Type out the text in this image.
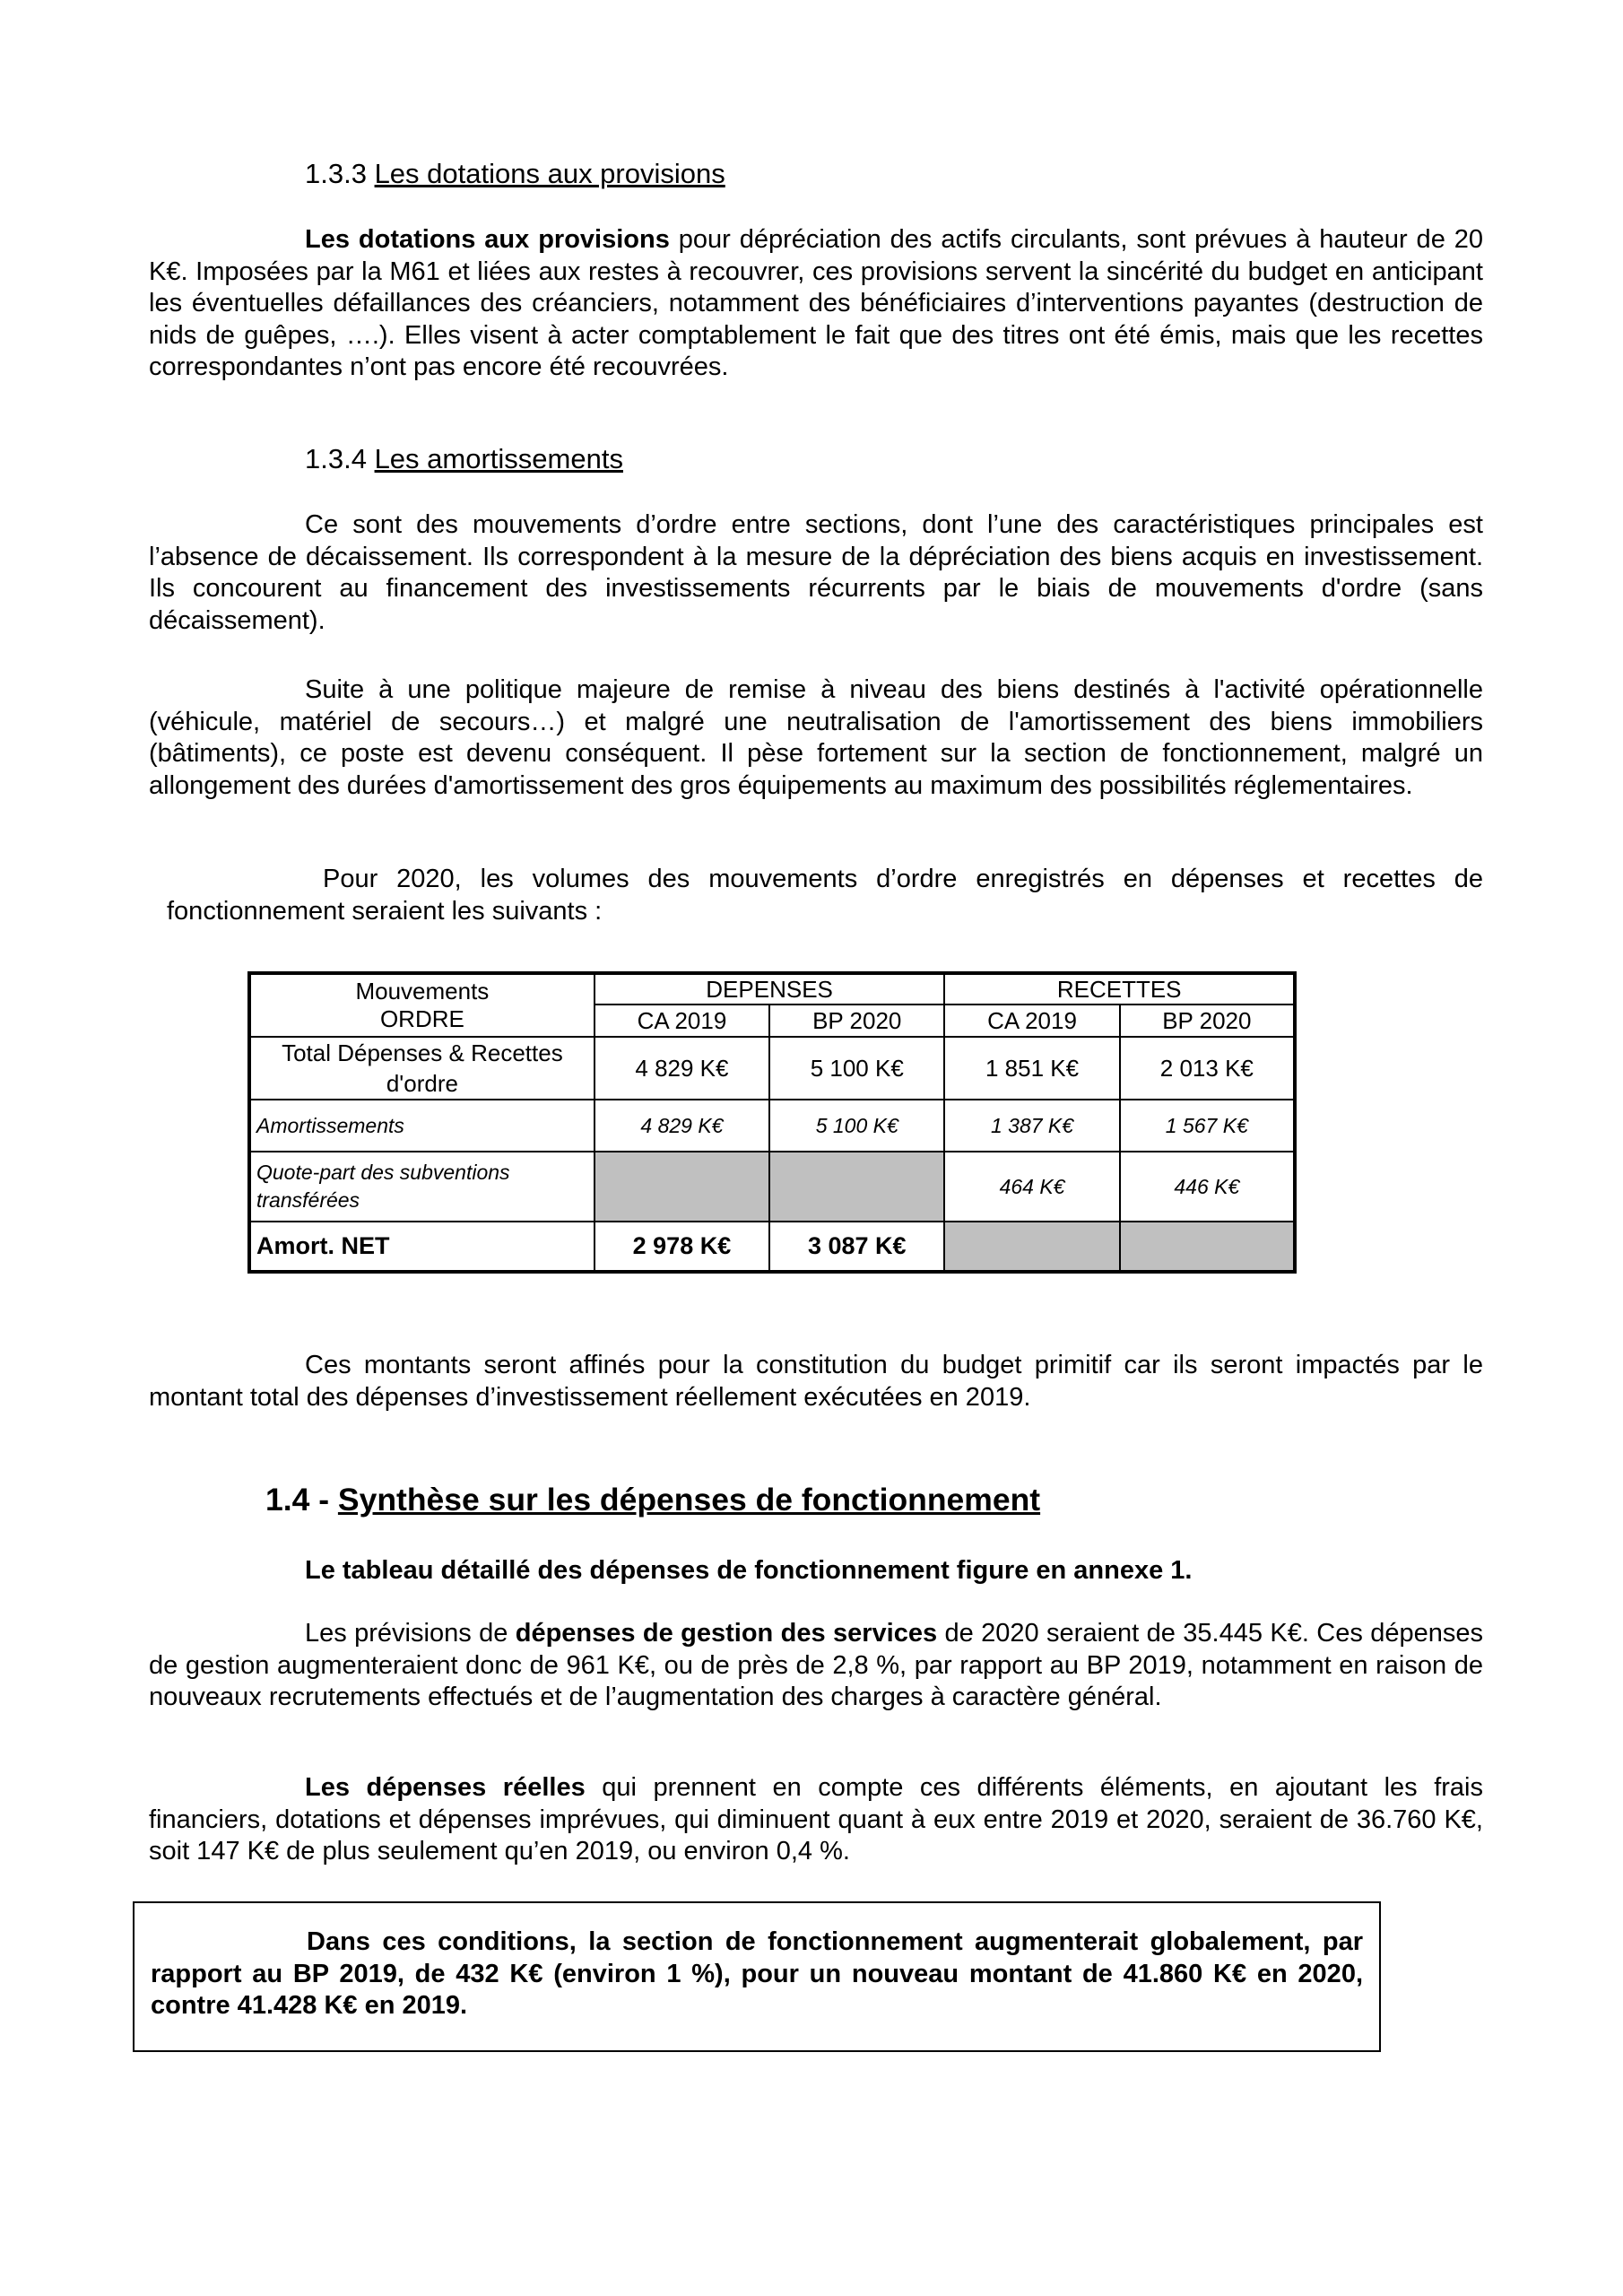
1.3.3 Les dotations aux provisions

Les dotations aux provisions pour dépréciation des actifs circulants, sont prévues à hauteur de 20 K€. Imposées par la M61 et liées aux restes à recouvrer, ces provisions servent la sincérité du budget en anticipant les éventuelles défaillances des créanciers, notamment des bénéficiaires d’interventions payantes (destruction de nids de guêpes, ….). Elles visent à acter comptablement le fait que des titres ont été émis, mais que les recettes correspondantes n’ont pas encore été recouvrées.

1.3.4 Les amortissements

Ce sont des mouvements d’ordre entre sections, dont l’une des caractéristiques principales est l’absence de décaissement. Ils correspondent à la mesure de la dépréciation des biens acquis en investissement. Ils concourent au financement des investissements récurrents par le biais de mouvements d'ordre (sans décaissement).

Suite à une politique majeure de remise à niveau des biens destinés à l'activité opérationnelle (véhicule, matériel de secours…) et malgré une neutralisation de l'amortissement des biens immobiliers (bâtiments), ce poste est devenu conséquent. Il pèse fortement sur la section de fonctionnement, malgré un allongement des durées d'amortissement des gros équipements au maximum des possibilités réglementaires.

Pour 2020, les volumes des mouvements d’ordre enregistrés en dépenses et recettes de fonctionnement seraient les suivants :

Mouvements
ORDRE	DEPENSES		RECETTES	
	CA 2019	BP 2020	CA 2019	BP 2020
Total Dépenses & Recettes d'ordre	4 829 K€	5 100 K€	1 851 K€	2 013 K€
Amortissements	4 829 K€	5 100 K€	1 387 K€	1 567 K€
Quote-part des subventions transférées			464 K€	446 K€
Amort. NET	2 978 K€	3 087 K€		

Ces montants seront affinés pour la constitution du budget primitif car ils seront impactés par le montant total des dépenses d’investissement réellement exécutées en 2019.

1.4 - Synthèse sur les dépenses de fonctionnement

Le tableau détaillé des dépenses de fonctionnement figure en annexe 1.

Les prévisions de dépenses de gestion des services de 2020 seraient de 35.445 K€. Ces dépenses de gestion augmenteraient donc de 961 K€, ou de près de 2,8 %, par rapport au BP 2019, notamment en raison de nouveaux recrutements effectués et de l’augmentation des charges à caractère général.

Les dépenses réelles qui prennent en compte ces différents éléments, en ajoutant les frais financiers, dotations et dépenses imprévues, qui diminuent quant à eux entre 2019 et 2020, seraient de 36.760 K€, soit 147 K€ de plus seulement qu’en 2019, ou environ 0,4 %.

Dans ces conditions, la section de fonctionnement augmenterait globalement, par rapport au BP 2019, de 432 K€ (environ 1 %), pour un nouveau montant de 41.860 K€ en 2020, contre 41.428 K€ en 2019.
